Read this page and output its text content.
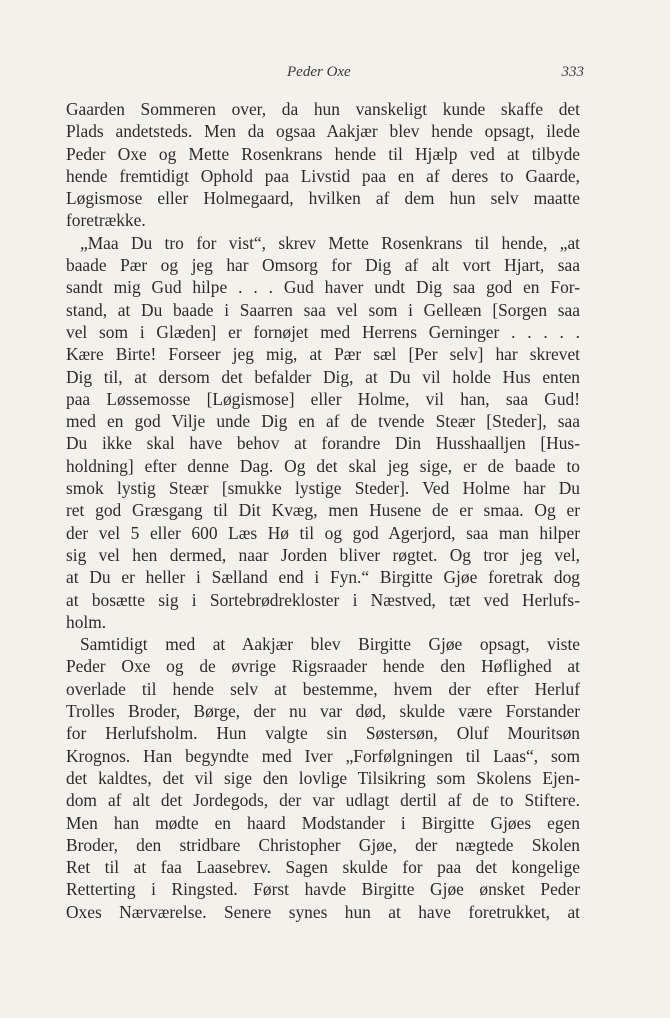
Peder Oxe	333
Gaarden Sommeren over, da hun vanskeligt kunde skaffe det
Plads andetsteds. Men da ogsaa Aakjær blev hende opsagt, ilede
Peder Oxe og Mette Rosenkrans hende til Hjælp ved at tilbyde
hende fremtidigt Ophold paa Livstid paa en af deres to Gaarde,
Løgismose eller Holmegaard, hvilken af dem hun selv maatte
foretrække.
„Maa Du tro for vist“, skrev Mette Rosenkrans til hende, „at
baade Pær og jeg har Omsorg for Dig af alt vort Hjart, saa
sandt mig Gud hilpe . . . Gud haver undt Dig saa god en For-
stand, at Du baade i Saarren saa vel som i Gelleæn [Sorgen saa
vel som i Glæden] er fornøjet med Herrens Gerninger . . . . .
Kære Birte! Forseer jeg mig, at Pær sæl [Per selv] har skrevet
Dig til, at dersom det befalder Dig, at Du vil holde Hus enten
paa Løssemosse [Løgismose] eller Holme, vil han, saa Gud!
med en god Vilje unde Dig en af de tvende Steær [Steder], saa
Du ikke skal have behov at forandre Din Husshaalljen [Hus-
holdning] efter denne Dag. Og det skal jeg sige, er de baade to
smok lystig Steær [smukke lystige Steder]. Ved Holme har Du
ret god Græsgang til Dit Kvæg, men Husene de er smaa. Og er
der vel 5 eller 600 Læs Hø til og god Agerjord, saa man hilper
sig vel hen dermed, naar Jorden bliver røgtet. Og tror jeg vel,
at Du er heller i Sælland end i Fyn.“ Birgitte Gjøe foretrak dog
at bosætte sig i Sortebrødrekloster i Næstved, tæt ved Herlufs-
holm.
Samtidigt med at Aakjær blev Birgitte Gjøe opsagt, viste
Peder Oxe og de øvrige Rigsraader hende den Høflighed at
overlade til hende selv at bestemme, hvem der efter Herluf
Trolles Broder, Børge, der nu var død, skulde være Forstander
for Herlufsholm. Hun valgte sin Søstersøn, Oluf Mouritsøn
Krognos. Han begyndte med Iver „Forfølgningen til Laas“, som
det kaldtes, det vil sige den lovlige Tilsikring som Skolens Ejen-
dom af alt det Jordegods, der var udlagt dertil af de to Stiftere.
Men han mødte en haard Modstander i Birgitte Gjøes egen
Broder, den stridbare Christopher Gjøe, der nægtede Skolen
Ret til at faa Laasebrev. Sagen skulde for paa det kongelige
Retterting i Ringsted. Først havde Birgitte Gjøe ønsket Peder
Oxes Nærværelse. Senere synes hun at have foretrukket, at
